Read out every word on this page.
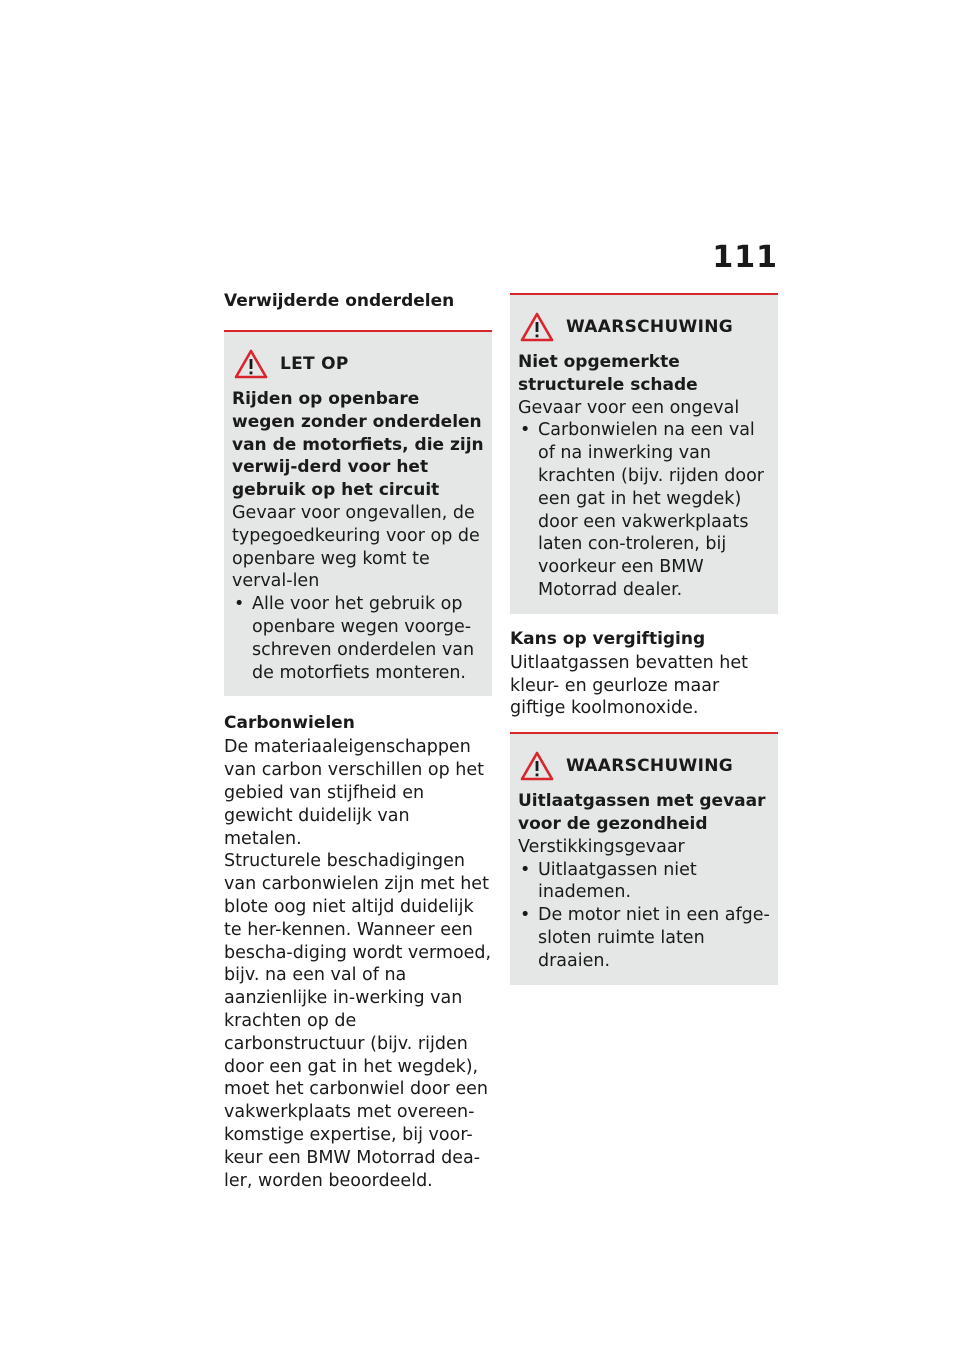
111
Verwijderde onderdelen
LET OP

Rijden op openbare wegen zonder onderdelen van de motorfiets, die zijn verwij-derd voor het gebruik op het circuit

Gevaar voor ongevallen, de typegoedkeuring voor op de openbare weg komt te verval-len

• Alle voor het gebruik op openbare wegen voorge-schreven onderdelen van de motorfiets monteren.
Carbonwielen

De materiaaleigenschappen van carbon verschillen op het gebied van stijfheid en gewicht duidelijk van metalen.

Structurele beschadigingen van carbonwielen zijn met het blote oog niet altijd duidelijk te her-kennen. Wanneer een bescha-diging wordt vermoed, bijv. na een val of na aanzienlijke in-werking van krachten op de carbonstructuur (bijv. rijden door een gat in het wegdek), moet het carbonwiel door een vakwerkplaats met overeen-komstige expertise, bij voor-keur een BMW Motorrad dea-ler, worden beoordeeld.

WAARSCHUWING

Niet opgemerkte structurele schade

Gevaar voor een ongeval

• Carbonwielen na een val of na inwerking van krachten (bijv. rijden door een gat in het wegdek) door een vakwerkplaats laten con-troleren, bij voorkeur een BMW Motorrad dealer.
Kans op vergiftiging

Uitlaatgassen bevatten het kleur- en geurloze maar giftige koolmonoxide.

WAARSCHUWING

Uitlaatgassen met gevaar voor de gezondheid

Verstikkingsgevaar

• Uitlaatgassen niet inademen.
• De motor niet in een afge-sloten ruimte laten draaien.
